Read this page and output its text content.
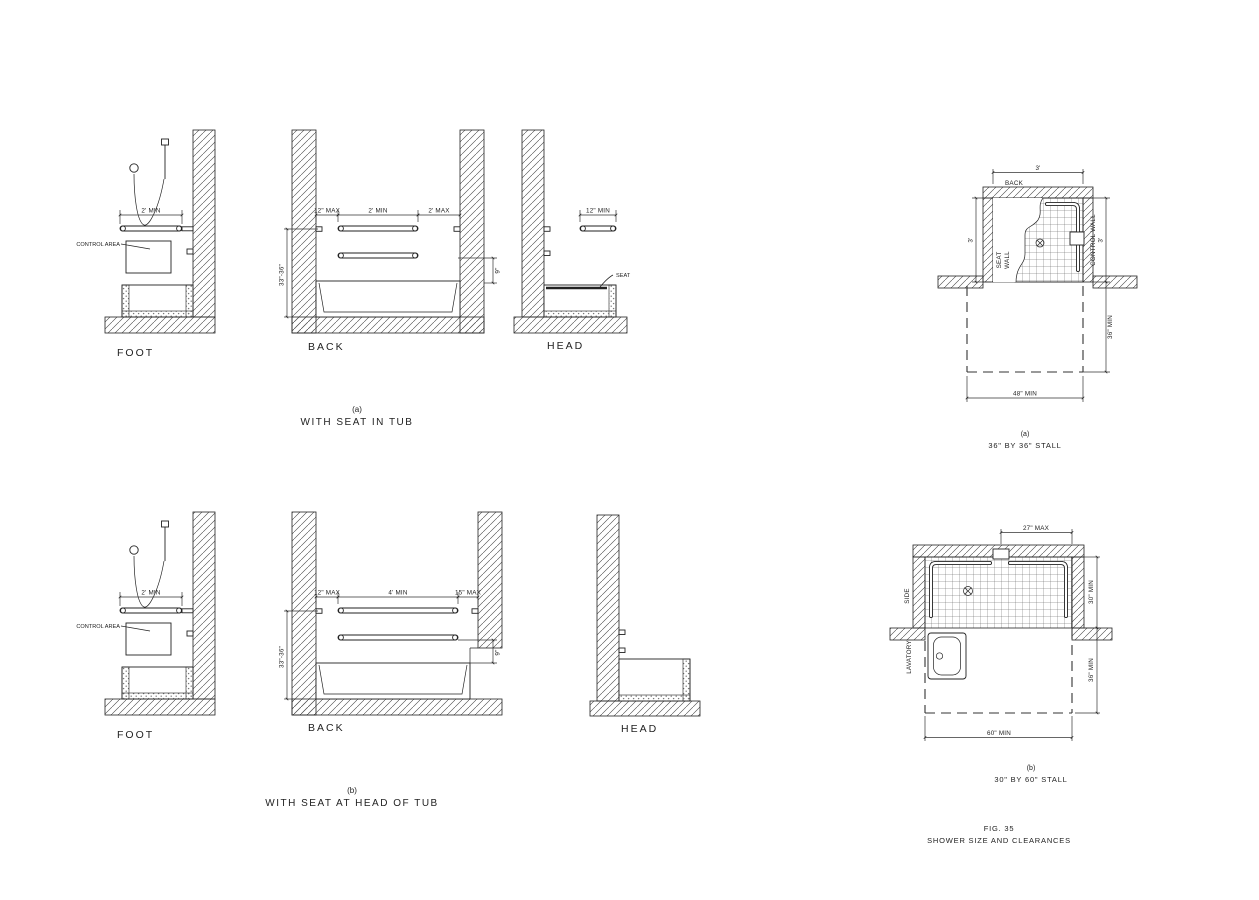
2' MIN
CONTROL AREA
FOOT
12" MAX	2' MIN	2' MAX
33"-36"	9"
BACK
12" MIN
SEAT
HEAD
(a)
WITH SEAT IN TUB
2' MIN
CONTROL AREA
FOOT
12" MAX	4' MIN	15" MAX
33"-36"	9"
BACK	HEAD
(b)
WITH SEAT AT HEAD OF TUB
3'
BACK
SEAT WALL	CONTROL WALL
3'	3'
36" MIN
48" MIN
(a)
36" BY 36" STALL
27" MAX
SIDE
LAVATORY
30" MIN
36" MIN
60" MIN
(b)
30" BY 60" STALL
FIG. 35
SHOWER SIZE AND CLEARANCES
